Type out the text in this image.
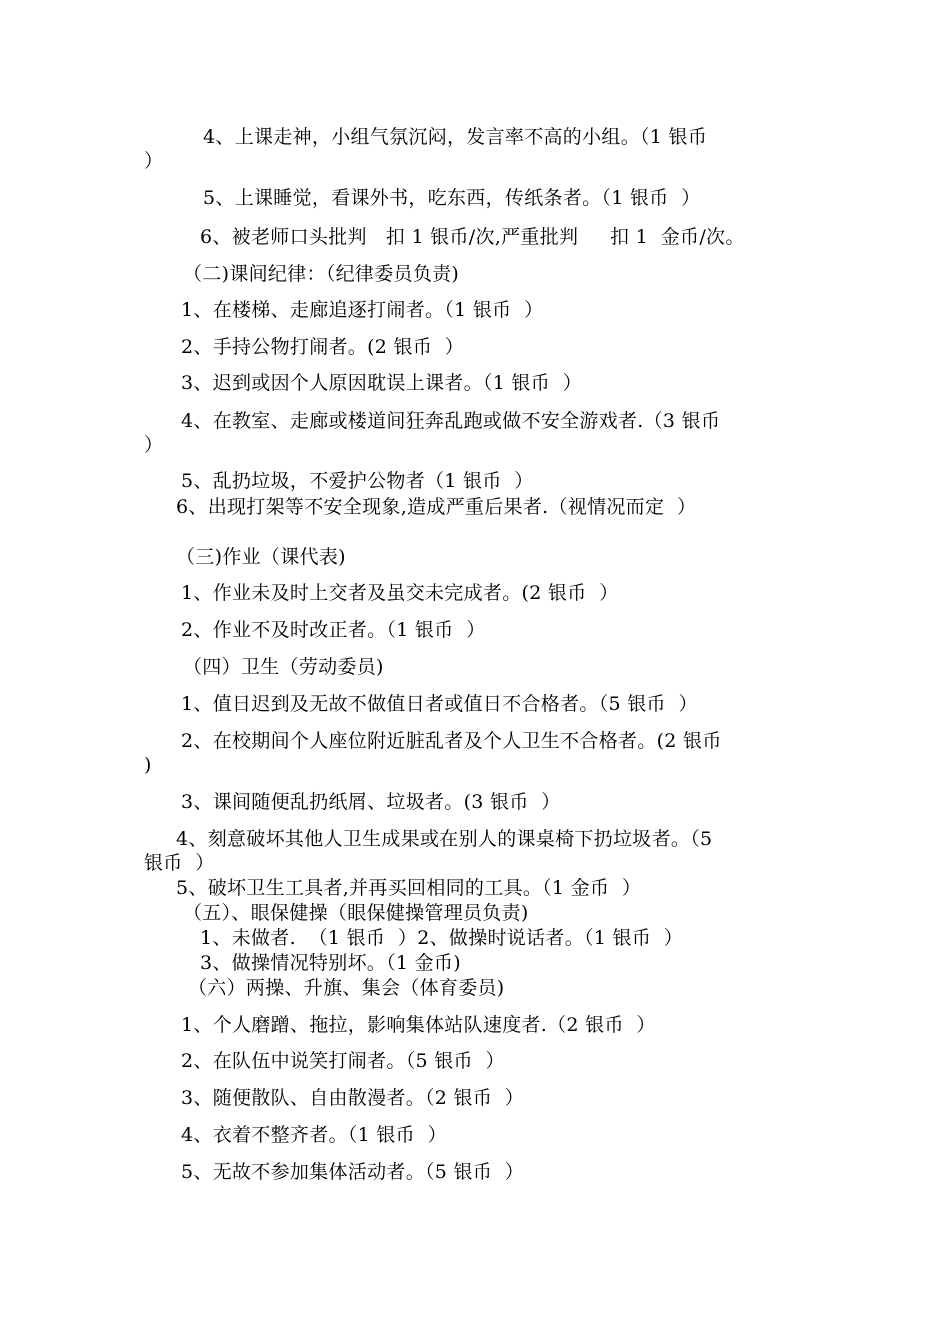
4、上课走神，小组气氛沉闷，发言率不高的小组。（1 银币
）
5、上课睡觉，看课外书，吃东西，传纸条者。（1 银币  ）
6、被老师口头批判   扣 1 银币/次,严重批判     扣 1  金币/次。
（二)课间纪律：（纪律委员负责)
1、在楼梯、走廊追逐打闹者。（1 银币  ）
2、手持公物打闹者。(2 银币  ）
3、迟到或因个人原因耽误上课者。（1 银币  ）
4、在教室、走廊或楼道间狂奔乱跑或做不安全游戏者.（3 银币
）
5、乱扔垃圾，不爱护公物者（1 银币  ）
6、出现打架等不安全现象,造成严重后果者.（视情况而定  ）
（三)作业（课代表)
1、作业未及时上交者及虽交未完成者。(2 银币  ）
2、作业不及时改正者。（1 银币  ）
（四）卫生（劳动委员)
1、值日迟到及无故不做值日者或值日不合格者。（5 银币  ）
2、在校期间个人座位附近脏乱者及个人卫生不合格者。(2 银币
)
3、课间随便乱扔纸屑、垃圾者。(3 银币  ）
4、刻意破坏其他人卫生成果或在别人的课桌椅下扔垃圾者。（5
银币  ）
5、破坏卫生工具者,并再买回相同的工具。（1 金币  ）
（五）、眼保健操（眼保健操管理员负责)
1、未做者.  （1 银币  ）2、做操时说话者。（1 银币  ）
3、做操情况特别坏。（1 金币)
（六）两操、升旗、集会（体育委员)
1、个人磨蹭、拖拉，影响集体站队速度者.（2 银币  ）
2、在队伍中说笑打闹者。（5 银币  ）
3、随便散队、自由散漫者。（2 银币  ）
4、衣着不整齐者。（1 银币  ）
5、无故不参加集体活动者。（5 银币  ）
